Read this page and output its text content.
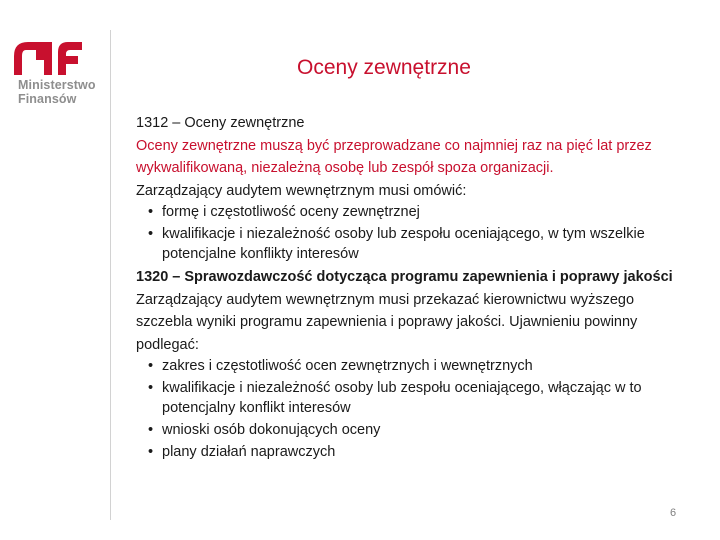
Ministerstwo
Finansów
Oceny zewnętrzne

1312 – Oceny zewnętrzne

Oceny zewnętrzne muszą być przeprowadzane co najmniej raz na pięć lat przez wykwalifikowaną, niezależną osobę lub zespół spoza organizacji.

Zarządzający audytem wewnętrznym musi omówić:

• formę i częstotliwość oceny zewnętrznej
• kwalifikacje i niezależność osoby lub zespołu oceniającego, w tym wszelkie potencjalne konflikty interesów

1320 – Sprawozdawczość dotycząca programu zapewnienia i poprawy jakości

Zarządzający audytem wewnętrznym musi przekazać kierownictwu wyższego szczebla wyniki programu zapewnienia i poprawy jakości. Ujawnieniu powinny podlegać:

• zakres i częstotliwość ocen zewnętrznych i wewnętrznych
• kwalifikacje i niezależność osoby lub zespołu oceniającego, włączając w to potencjalny konflikt interesów
• wnioski osób dokonujących oceny
• plany działań naprawczych
6
